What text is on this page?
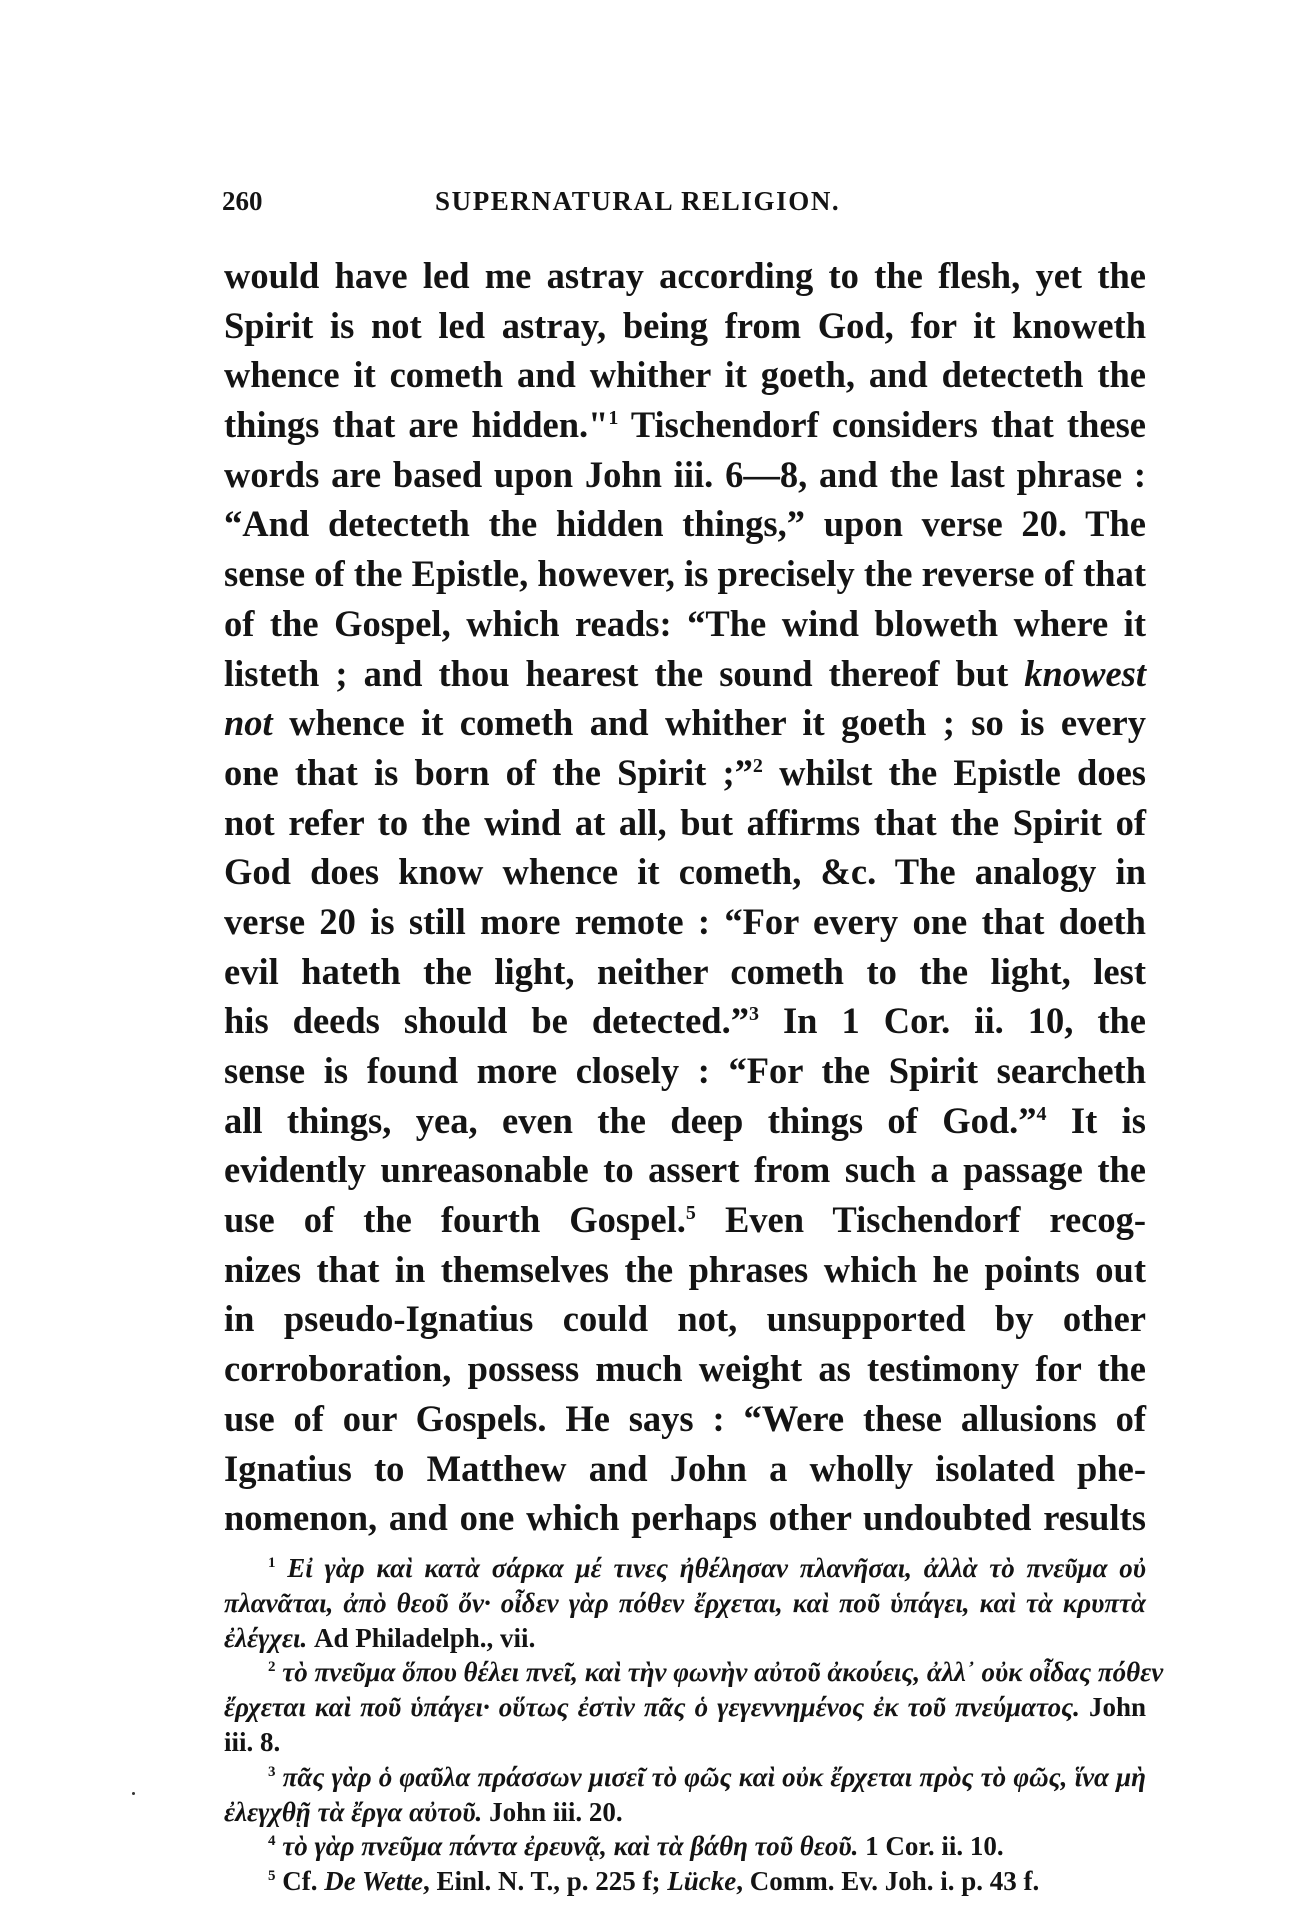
260	SUPERNATURAL RELIGION.
would have led me astray according to the flesh, yet the
Spirit is not led astray, being from God, for it knoweth
whence it cometh and whither it goeth, and detecteth the
things that are hidden."$^1$ Tischendorf considers that these
words are based upon John iii. 6—8, and the last phrase :
“And detecteth the hidden things,” upon verse 20. The
sense of the Epistle, however, is precisely the reverse of that
of the Gospel, which reads: “The wind bloweth where it
listeth ; and thou hearest the sound thereof but knowest
not whence it cometh and whither it goeth ; so is every
one that is born of the Spirit ;”$^2$ whilst the Epistle does
not refer to the wind at all, but affirms that the Spirit of
God does know whence it cometh, &c. The analogy in
verse 20 is still more remote : “For every one that doeth
evil hateth the light, neither cometh to the light, lest
his deeds should be detected.”$^3$ In 1 Cor. ii. 10, the
sense is found more closely : “For the Spirit searcheth
all things, yea, even the deep things of God.”$^4$ It is
evidently unreasonable to assert from such a passage the
use of the fourth Gospel.$^5$ Even Tischendorf recog-
nizes that in themselves the phrases which he points out
in pseudo-Ignatius could not, unsupported by other
corroboration, possess much weight as testimony for the
use of our Gospels. He says : “Were these allusions of
Ignatius to Matthew and John a wholly isolated phe-
nomenon, and one which perhaps other undoubted results
$^1$ Εἰ γὰρ καὶ κατὰ σάρκα μέ τινες ἠθέλησαν πλανῆσαι, ἀλλὰ τὸ πνεῦμα οὐ
πλανᾶται, ἀπὸ θεοῦ ὄν· οἶδεν γὰρ πόθεν ἔρχεται, καὶ ποῦ ὑπάγει, καὶ τὰ κρυπτὰ
ἐλέγχει. Ad Philadelph., vii.
$^2$ τὸ πνεῦμα ὅπου θέλει πνεῖ, καὶ τὴν φωνὴν αὐτοῦ ἀκούεις, ἀλλ᾽ οὐκ οἶδας πόθεν
ἔρχεται καὶ ποῦ ὑπάγει· οὕτως ἐστὶν πᾶς ὁ γεγεννημένος ἐκ τοῦ πνεύματος. John
iii. 8.
$^3$ πᾶς γὰρ ὁ φαῦλα πράσσων μισεῖ τὸ φῶς καὶ οὐκ ἔρχεται πρὸς τὸ φῶς, ἵνα μὴ
ἐλεγχθῇ τὰ ἔργα αὐτοῦ. John iii. 20.
$^4$ τὸ γὰρ πνεῦμα πάντα ἐρευνᾷ, καὶ τὰ βάθη τοῦ θεοῦ. 1 Cor. ii. 10.
$^5$ Cf. De Wette, Einl. N. T., p. 225 f; Lücke, Comm. Ev. Joh. i. p. 43 f.
